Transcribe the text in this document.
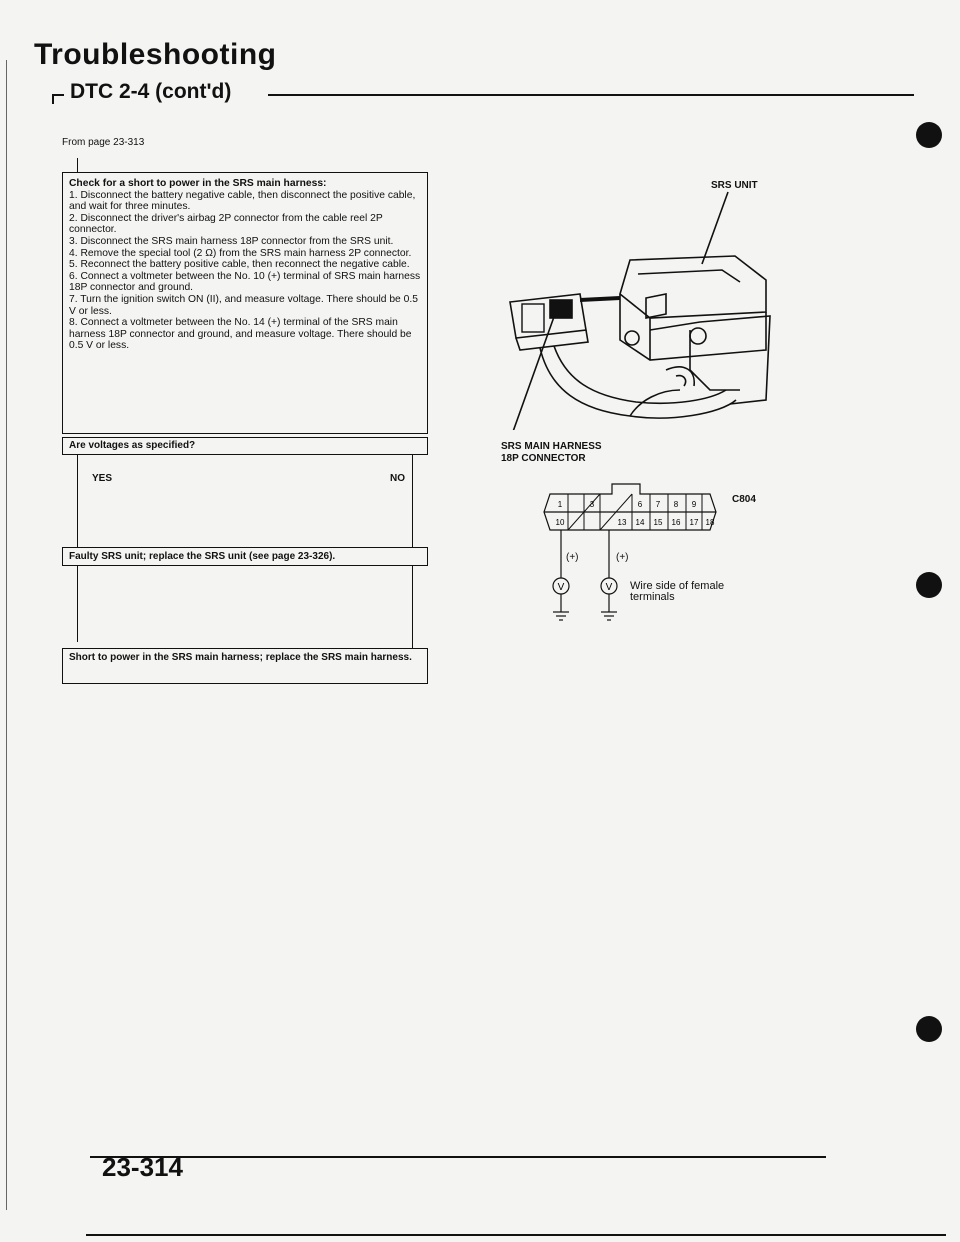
Troubleshooting
DTC 2-4 (cont'd)
From page 23-313
Check for a short to power in the SRS main harness:
1. Disconnect the battery negative cable, then disconnect the positive cable, and wait for three minutes.
2. Disconnect the driver's airbag 2P connector from the cable reel 2P connector.
3. Disconnect the SRS main harness 18P connector from the SRS unit.
4. Remove the special tool (2 Ω) from the SRS main harness 2P connector.
5. Reconnect the battery positive cable, then reconnect the negative cable.
6. Connect a voltmeter between the No. 10 (+) terminal of SRS main harness 18P connector and ground.
7. Turn the ignition switch ON (II), and measure voltage. There should be 0.5 V or less.
8. Connect a voltmeter between the No. 14 (+) terminal of the SRS main harness 18P connector and ground, and measure voltage. There should be 0.5 V or less.
Are voltages as specified?
YES	NO
Faulty SRS unit; replace the SRS unit (see page 23-326).
Short to power in the SRS main harness; replace the SRS main harness.
SRS UNIT
SRS MAIN HARNESS
18P CONNECTOR
1	3	6 7 8 9
10	13 14 15 16 17 18
C804
V	V
(+)	(+)
Wire side of female
terminals
23-314
